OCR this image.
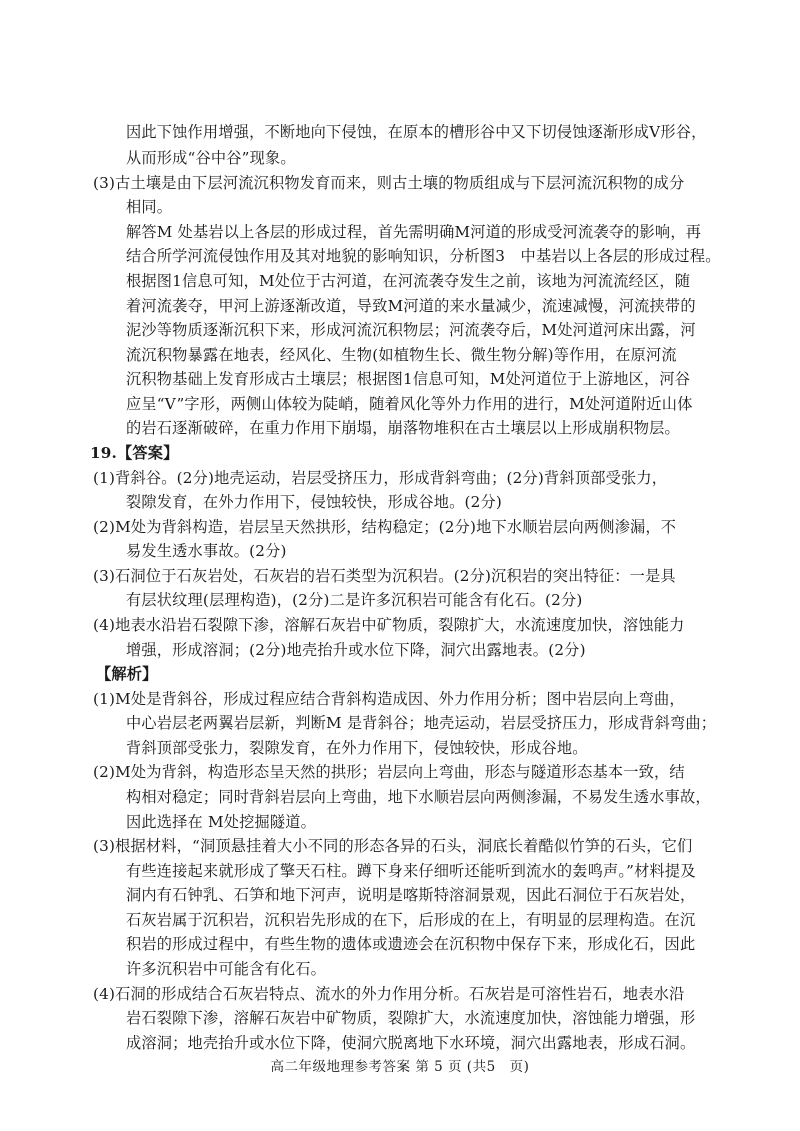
因此下蚀作用增强，不断地向下侵蚀，在原本的槽形谷中又下切侵蚀逐渐形成V形谷，
从而形成“谷中谷”现象。
(3)古土壤是由下层河流沉积物发育而来，则古土壤的物质组成与下层河流沉积物的成分
相同。
解答M 处基岩以上各层的形成过程，首先需明确M河道的形成受河流袭夺的影响，再
结合所学河流侵蚀作用及其对地貌的影响知识，分析图3　中基岩以上各层的形成过程。
根据图1信息可知，M处位于古河道，在河流袭夺发生之前，该地为河流流经区，随
着河流袭夺，甲河上游逐渐改道，导致M河道的来水量减少，流速减慢，河流挟带的
泥沙等物质逐渐沉积下来，形成河流沉积物层；河流袭夺后，M处河道河床出露，河
流沉积物暴露在地表，经风化、生物(如植物生长、微生物分解)等作用，在原河流
沉积物基础上发育形成古土壤层；根据图1信息可知，M处河道位于上游地区，河谷
应呈“V”字形，两侧山体较为陡峭，随着风化等外力作用的进行，M处河道附近山体
的岩石逐渐破碎，在重力作用下崩塌，崩落物堆积在古土壤层以上形成崩积物层。
19.【答案】
(1)背斜谷。(2分)地壳运动，岩层受挤压力，形成背斜弯曲；(2分)背斜顶部受张力，
裂隙发育，在外力作用下，侵蚀较快，形成谷地。(2分)
(2)M处为背斜构造，岩层呈天然拱形，结构稳定；(2分)地下水顺岩层向两侧渗漏，不
易发生透水事故。(2分)
(3)石洞位于石灰岩处，石灰岩的岩石类型为沉积岩。(2分)沉积岩的突出特征：一是具
有层状纹理(层理构造)，(2分)二是许多沉积岩可能含有化石。(2分)
(4)地表水沿岩石裂隙下渗，溶解石灰岩中矿物质，裂隙扩大，水流速度加快，溶蚀能力
增强，形成溶洞；(2分)地壳抬升或水位下降，洞穴出露地表。(2分)
【解析】
(1)M处是背斜谷，形成过程应结合背斜构造成因、外力作用分析；图中岩层向上弯曲，
中心岩层老两翼岩层新，判断M 是背斜谷；地壳运动，岩层受挤压力，形成背斜弯曲；
背斜顶部受张力，裂隙发育，在外力作用下，侵蚀较快，形成谷地。
(2)M处为背斜，构造形态呈天然的拱形；岩层向上弯曲，形态与隧道形态基本一致，结
构相对稳定；同时背斜岩层向上弯曲，地下水顺岩层向两侧渗漏，不易发生透水事故，
因此选择在 M处挖掘隧道。
(3)根据材料，“洞顶悬挂着大小不同的形态各异的石头，洞底长着酷似竹笋的石头，它们
有些连接起来就形成了擎天石柱。蹲下身来仔细听还能听到流水的轰鸣声。”材料提及
洞内有石钟乳、石笋和地下河声，说明是喀斯特溶洞景观，因此石洞位于石灰岩处，
石灰岩属于沉积岩，沉积岩先形成的在下，后形成的在上，有明显的层理构造。在沉
积岩的形成过程中，有些生物的遗体或遗迹会在沉积物中保存下来，形成化石，因此
许多沉积岩中可能含有化石。
(4)石洞的形成结合石灰岩特点、流水的外力作用分析。石灰岩是可溶性岩石，地表水沿
岩石裂隙下渗，溶解石灰岩中矿物质，裂隙扩大，水流速度加快，溶蚀能力增强，形
成溶洞；地壳抬升或水位下降，使洞穴脱离地下水环境，洞穴出露地表，形成石洞。
高二年级地理参考答案 第 5 页 (共5　页)
